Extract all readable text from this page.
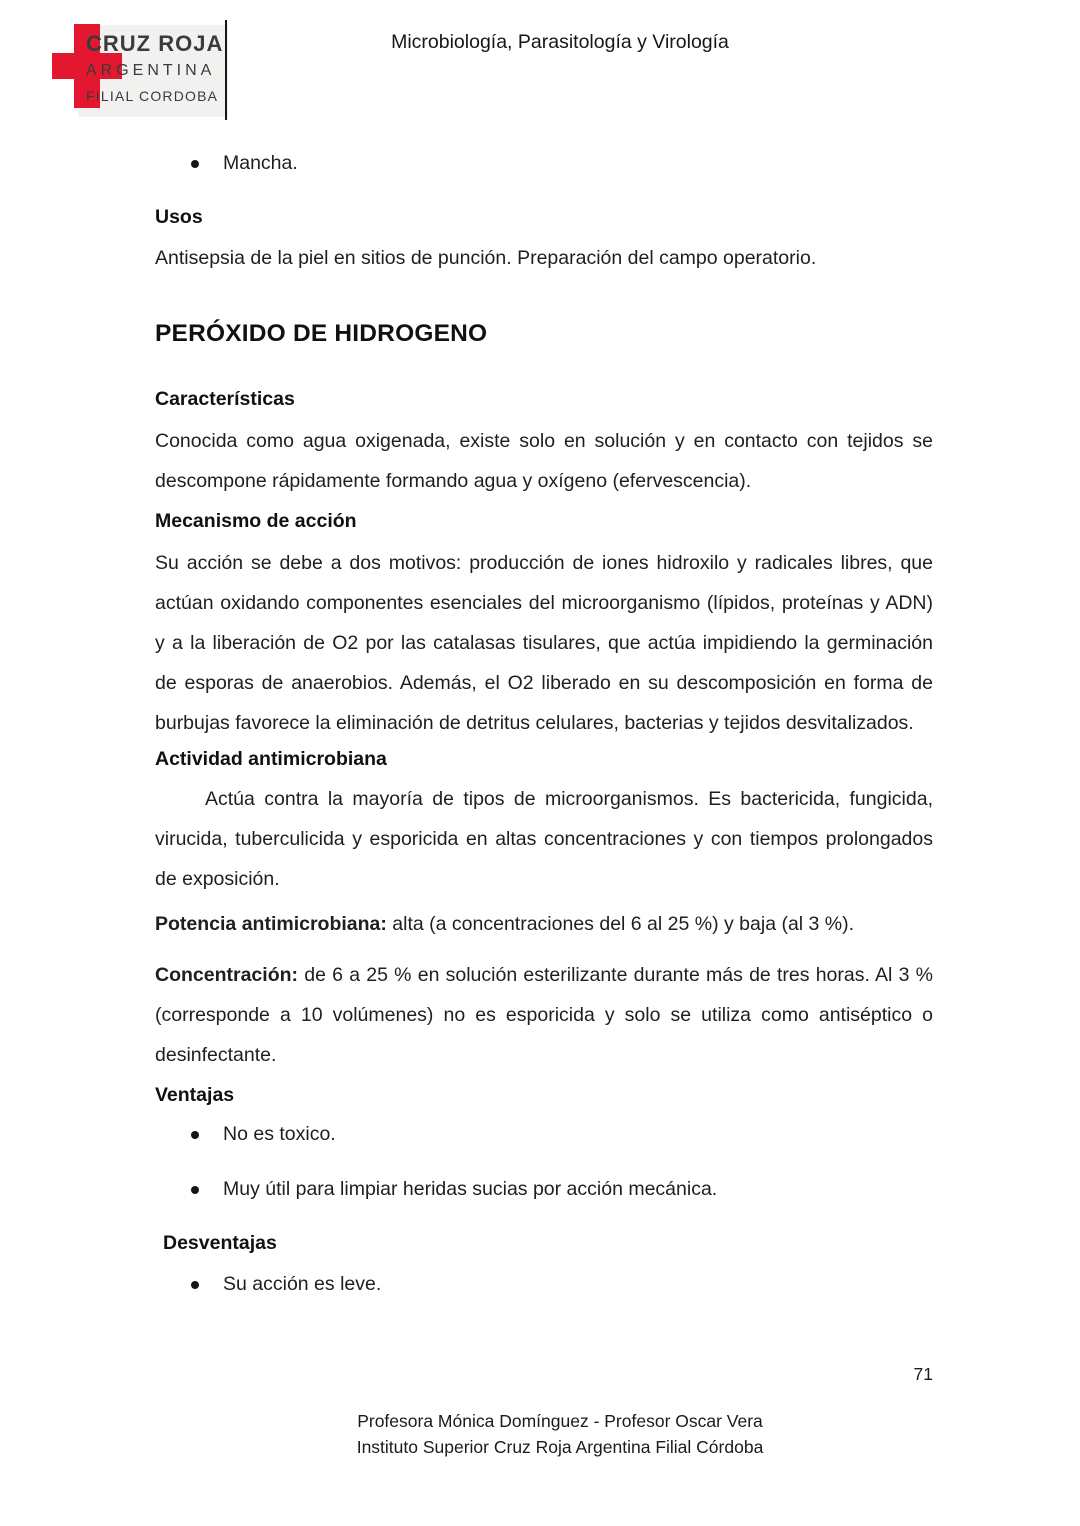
CRUZ ROJA
ARGENTINA
FILIAL CORDOBA
Microbiología, Parasitología y Virología
Mancha.
Usos

Antisepsia de la piel en sitios de punción. Preparación del campo operatorio.

PERÓXIDO DE HIDROGENO
Características

Conocida como agua oxigenada, existe solo en solución y en contacto con tejidos se descompone rápidamente formando agua y oxígeno (efervescencia).

Mecanismo de acción

Su acción se debe a dos motivos: producción de iones hidroxilo y radicales libres, que actúan oxidando componentes esenciales del microorganismo (lípidos, proteínas y ADN) y a la liberación de O2 por las catalasas tisulares, que actúa impidiendo la germinación de esporas de anaerobios. Además, el O2 liberado en su descomposición en forma de burbujas favorece la eliminación de detritus celulares, bacterias y tejidos desvitalizados.

Actividad antimicrobiana

Actúa contra la mayoría de tipos de microorganismos. Es bactericida, fungicida, virucida, tuberculicida y esporicida en altas concentraciones y con tiempos prolongados de exposición.

Potencia antimicrobiana: alta (a concentraciones del 6 al 25 %) y baja (al 3 %).

Concentración: de 6 a 25 % en solución esterilizante durante más de tres horas. Al 3 % (corresponde a 10 volúmenes) no es esporicida y solo se utiliza como antiséptico o desinfectante.

Ventajas
No es toxico.
Muy útil para limpiar heridas sucias por acción mecánica.
Desventajas
Su acción es leve.
71
Profesora Mónica Domínguez - Profesor Oscar Vera
Instituto Superior Cruz Roja Argentina Filial Córdoba
